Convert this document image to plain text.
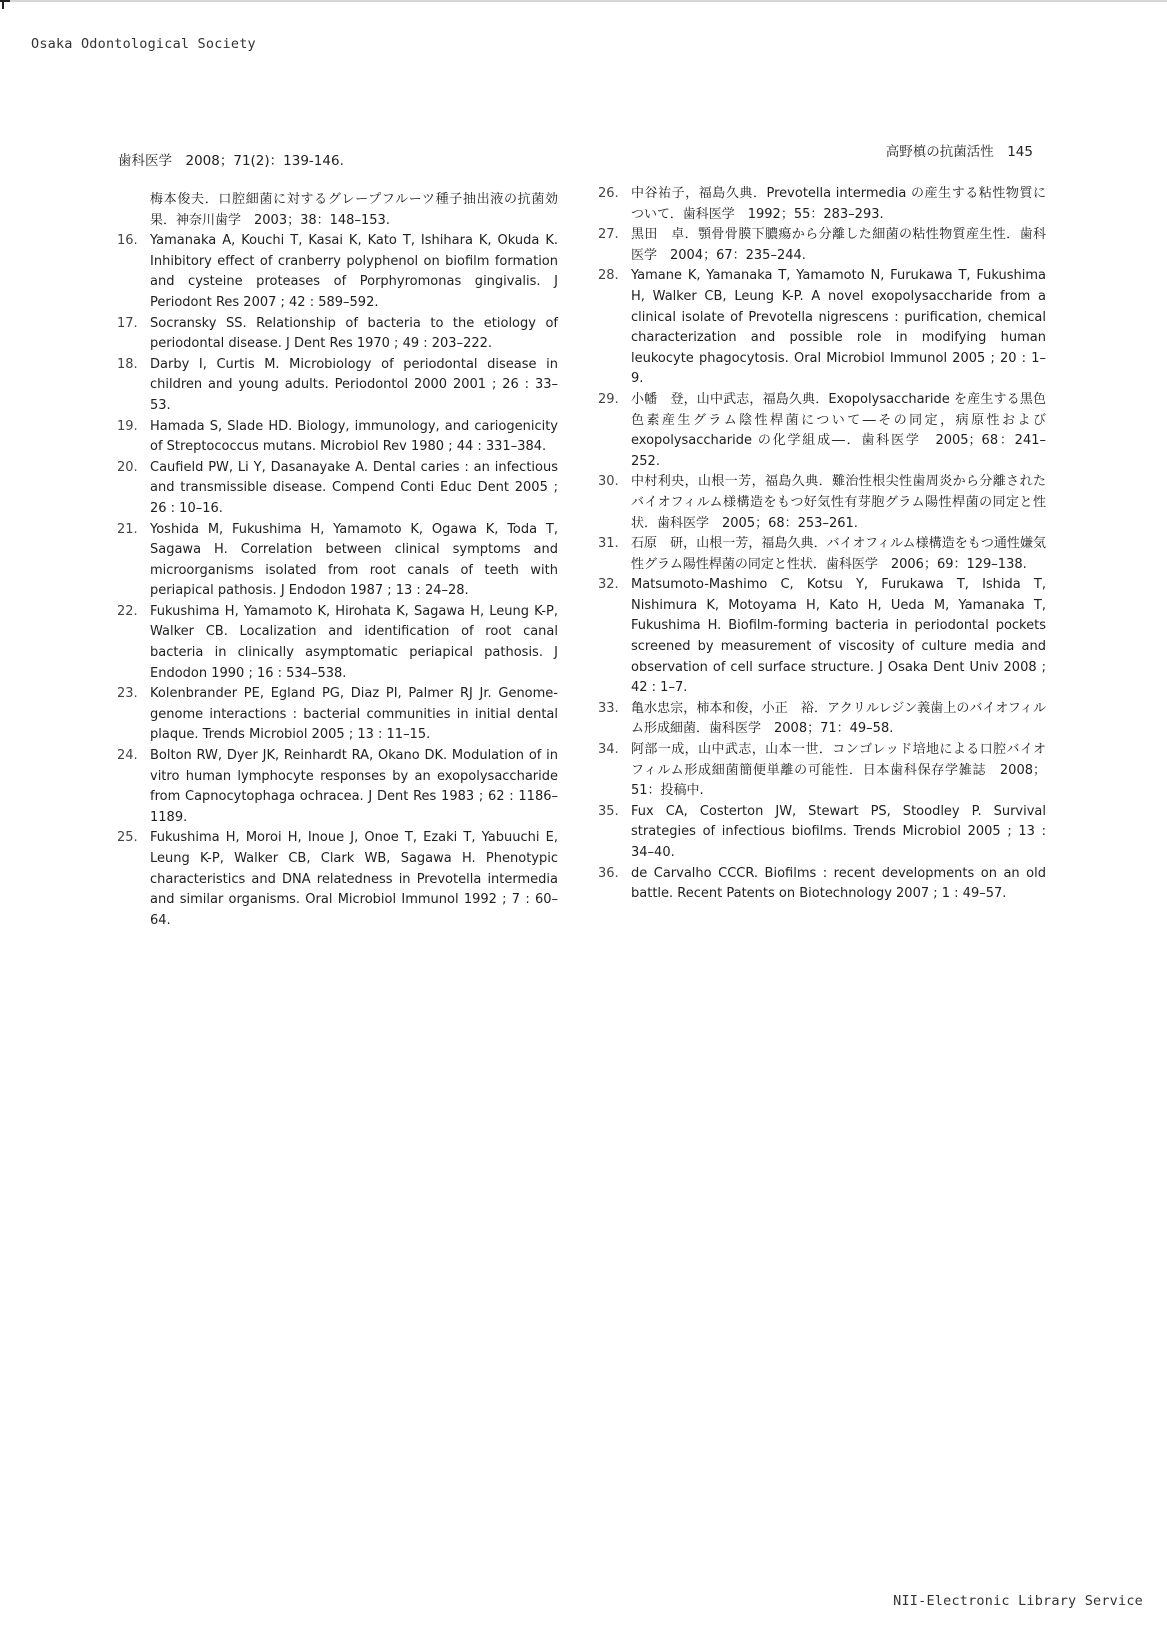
Osaka Odontological Society
歯科医学　2008；71(2)：139-146.
高野槙の抗菌活性　145

梅本俊夫．口腔細菌に対するグレープフルーツ種子抽出液の抗菌効果．神奈川歯学　2003；38：148–153.

16. Yamanaka A, Kouchi T, Kasai K, Kato T, Ishihara K, Okuda K. Inhibitory effect of cranberry polyphenol on biofilm formation and cysteine proteases of Porphyromonas gingivalis. J Periodont Res 2007 ; 42 : 589–592.

17. Socransky SS. Relationship of bacteria to the etiology of periodontal disease. J Dent Res 1970 ; 49 : 203–222.

18. Darby I, Curtis M. Microbiology of periodontal disease in children and young adults. Periodontol 2000 2001 ; 26 : 33–53.

19. Hamada S, Slade HD. Biology, immunology, and cariogenicity of Streptococcus mutans. Microbiol Rev 1980 ; 44 : 331–384.

20. Caufield PW, Li Y, Dasanayake A. Dental caries : an infectious and transmissible disease. Compend Conti Educ Dent 2005 ; 26 : 10–16.

21. Yoshida M, Fukushima H, Yamamoto K, Ogawa K, Toda T, Sagawa H. Correlation between clinical symptoms and microorganisms isolated from root canals of teeth with periapical pathosis. J Endodon 1987 ; 13 : 24–28.

22. Fukushima H, Yamamoto K, Hirohata K, Sagawa H, Leung K-P, Walker CB. Localization and identification of root canal bacteria in clinically asymptomatic periapical pathosis. J Endodon 1990 ; 16 : 534–538.

23. Kolenbrander PE, Egland PG, Diaz PI, Palmer RJ Jr. Genome-genome interactions : bacterial communities in initial dental plaque. Trends Microbiol 2005 ; 13 : 11–15.

24. Bolton RW, Dyer JK, Reinhardt RA, Okano DK. Modulation of in vitro human lymphocyte responses by an exopolysaccharide from Capnocytophaga ochracea. J Dent Res 1983 ; 62 : 1186–1189.

25. Fukushima H, Moroi H, Inoue J, Onoe T, Ezaki T, Yabuuchi E, Leung K-P, Walker CB, Clark WB, Sagawa H. Phenotypic characteristics and DNA relatedness in Prevotella intermedia and similar organisms. Oral Microbiol Immunol 1992 ; 7 : 60–64.

26. 中谷祐子，福島久典．Prevotella intermedia の産生する粘性物質について．歯科医学　1992；55：283–293.

27. 黒田　卓．顎骨骨膜下膿瘍から分離した細菌の粘性物質産生性．歯科医学　2004；67：235–244.

28. Yamane K, Yamanaka T, Yamamoto N, Furukawa T, Fukushima H, Walker CB, Leung K-P. A novel exopolysaccharide from a clinical isolate of Prevotella nigrescens : purification, chemical characterization and possible role in modifying human leukocyte phagocytosis. Oral Microbiol Immunol 2005 ; 20 : 1–9.

29. 小幡　登，山中武志，福島久典．Exopolysaccharide を産生する黒色色素産生グラム陰性桿菌について―その同定，病原性および exopolysaccharide の化学組成―．歯科医学　2005；68：241–252.

30. 中村利央，山根一芳，福島久典．難治性根尖性歯周炎から分離されたバイオフィルム様構造をもつ好気性有芽胞グラム陽性桿菌の同定と性状．歯科医学　2005；68：253–261.

31. 石原　研，山根一芳，福島久典．バイオフィルム様構造をもつ通性嫌気性グラム陽性桿菌の同定と性状．歯科医学　2006；69：129–138.

32. Matsumoto-Mashimo C, Kotsu Y, Furukawa T, Ishida T, Nishimura K, Motoyama H, Kato H, Ueda M, Yamanaka T, Fukushima H. Biofilm-forming bacteria in periodontal pockets screened by measurement of viscosity of culture media and observation of cell surface structure. J Osaka Dent Univ 2008 ; 42 : 1–7.

33. 亀水忠宗，柿本和俊，小正　裕．アクリルレジン義歯上のバイオフィルム形成細菌．歯科医学　2008；71：49–58.

34. 阿部一成，山中武志，山本一世．コンゴレッド培地による口腔バイオフィルム形成細菌簡便単離の可能性．日本歯科保存学雑誌　2008；51：投稿中.

35. Fux CA, Costerton JW, Stewart PS, Stoodley P. Survival strategies of infectious biofilms. Trends Microbiol 2005 ; 13 : 34–40.

36. de Carvalho CCCR. Biofilms : recent developments on an old battle. Recent Patents on Biotechnology 2007 ; 1 : 49–57.

NII-Electronic Library Service
